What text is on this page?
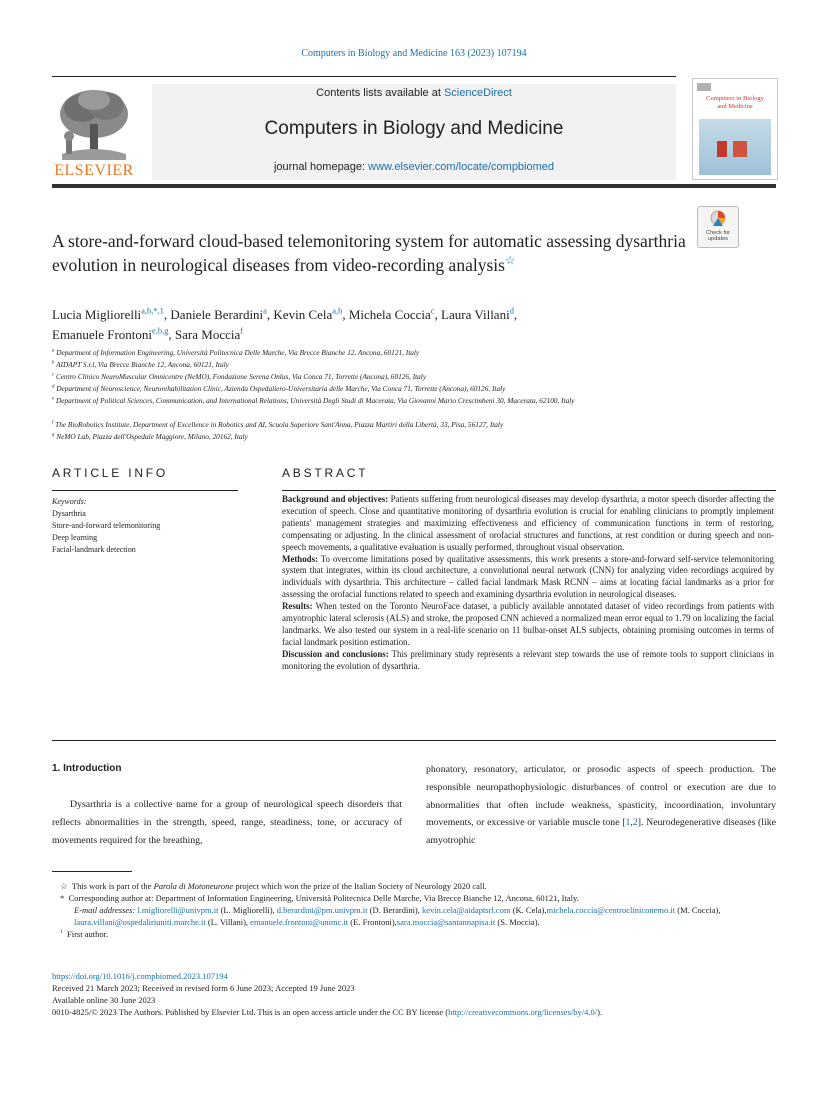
Computers in Biology and Medicine 163 (2023) 107194
ELSEVIER
Contents lists available at ScienceDirect
Computers in Biology and Medicine
journal homepage: www.elsevier.com/locate/compbiomed
Computers in Biology
and Medicine
Check for updates
A store-and-forward cloud-based telemonitoring system for automatic assessing dysarthria evolution in neurological diseases from video-recording analysis☆
Lucia Migliorelli$^{a,b,*,1}$, Daniele Berardini$^a$, Kevin Cela$^{a,b}$, Michela Coccia$^c$, Laura Villani$^d$,
Emanuele Frontoni$^{e,b,g}$, Sara Moccia$^f$
$^a$ Department of Information Engineering, Università Politecnica Delle Marche, Via Brecce Bianche 12, Ancona, 60121, Italy
$^b$ AIDAPT S.r.l, Via Brecce Bianche 12, Ancona, 60121, Italy
$^c$ Centro Clinico NeuroMuscular Omnicentre (NeMO), Fondazione Serena Onlus, Via Conca 71, Torrette (Ancona), 60126, Italy
$^d$ Department of Neuroscience, Neurorehabilitation Clinic, Azienda Ospedaliero-Universitaria delle Marche, Via Conca 71, Torrette (Ancona), 60126, Italy
$^e$ Department of Political Sciences, Communication, and International Relations, Università Degli Studi di Macerata, Via Giovanni Mario Crescimbeni 30, Macerata, 62100, Italy
$^f$ The BioRobotics Institute, Department of Excellence in Robotics and AI, Scuola Superiore Sant'Anna, Piazza Martiri della Libertà, 33, Pisa, 56127, Italy
$^g$ NeMO Lab, Piazza dell'Ospedale Maggiore, Milano, 20162, Italy
ARTICLE INFO
Keywords:
Dysarthria
Store-and-forward telemonitoring
Deep learning
Facial-landmark detection
ABSTRACT

Background and objectives: Patients suffering from neurological diseases may develop dysarthria, a motor speech disorder affecting the execution of speech. Close and quantitative monitoring of dysarthria evolution is crucial for enabling clinicians to promptly implement patients' management strategies and maximizing effectiveness and efficiency of communication functions in term of restoring, compensating or adjusting. In the clinical assessment of orofacial structures and functions, at rest condition or during speech and non-speech movements, a qualitative evaluation is usually performed, throughout visual observation.

Methods: To overcome limitations posed by qualitative assessments, this work presents a store-and-forward self-service telemonitoring system that integrates, within its cloud architecture, a convolutional neural network (CNN) for analyzing video recordings acquired by individuals with dysarthria. This architecture – called facial landmark Mask RCNN – aims at locating facial landmarks as a prior for assessing the orofacial functions related to speech and examining dysarthria evolution in neurological diseases.

Results: When tested on the Toronto NeuroFace dataset, a publicly available annotated dataset of video recordings from patients with amyotrophic lateral sclerosis (ALS) and stroke, the proposed CNN achieved a normalized mean error equal to 1.79 on localizing the facial landmarks. We also tested our system in a real-life scenario on 11 bulbar-onset ALS subjects, obtaining promising outcomes in terms of facial landmark position estimation.

Discussion and conclusions: This preliminary study represents a relevant step towards the use of remote tools to support clinicians in monitoring the evolution of dysarthria.

1. Introduction
Dysarthria is a collective name for a group of neurological speech disorders that reflects abnormalities in the strength, speed, range, steadiness, tone, or accuracy of movements required for the breathing,
phonatory, resonatory, articulator, or prosodic aspects of speech production. The responsible neuropathophysiologic disturbances of control or execution are due to abnormalities that often include weakness, spasticity, incoordination, involuntary movements, or excessive or variable muscle tone [1,2]. Neurodegenerative diseases (like amyotrophic
☆ This work is part of the Parola di Motoneurone project which won the prize of the Italian Society of Neurology 2020 call.
* Corresponding author at: Department of Information Engineering, Università Politecnica Delle Marche, Via Brecce Bianche 12, Ancona, 60121, Italy.
E-mail addresses: l.migliorelli@univpm.it (L. Migliorelli), d.berardini@pm.univpm.it (D. Berardini), kevin.cela@aidaptsrl.com (K. Cela),michela.coccia@centrocliniconemo.it (M. Coccia), laura.villani@ospedaliriuniti.marche.it (L. Villani), emanuele.frontoni@unimc.it (E. Frontoni),sara.moccia@santannapisa.it (S. Moccia).
$^1$ First author.
https://doi.org/10.1016/j.compbiomed.2023.107194
Received 21 March 2023; Received in revised form 6 June 2023; Accepted 19 June 2023
Available online 30 June 2023
0010-4825/© 2023 The Authors. Published by Elsevier Ltd. This is an open access article under the CC BY license (http://creativecommons.org/licenses/by/4.0/).
